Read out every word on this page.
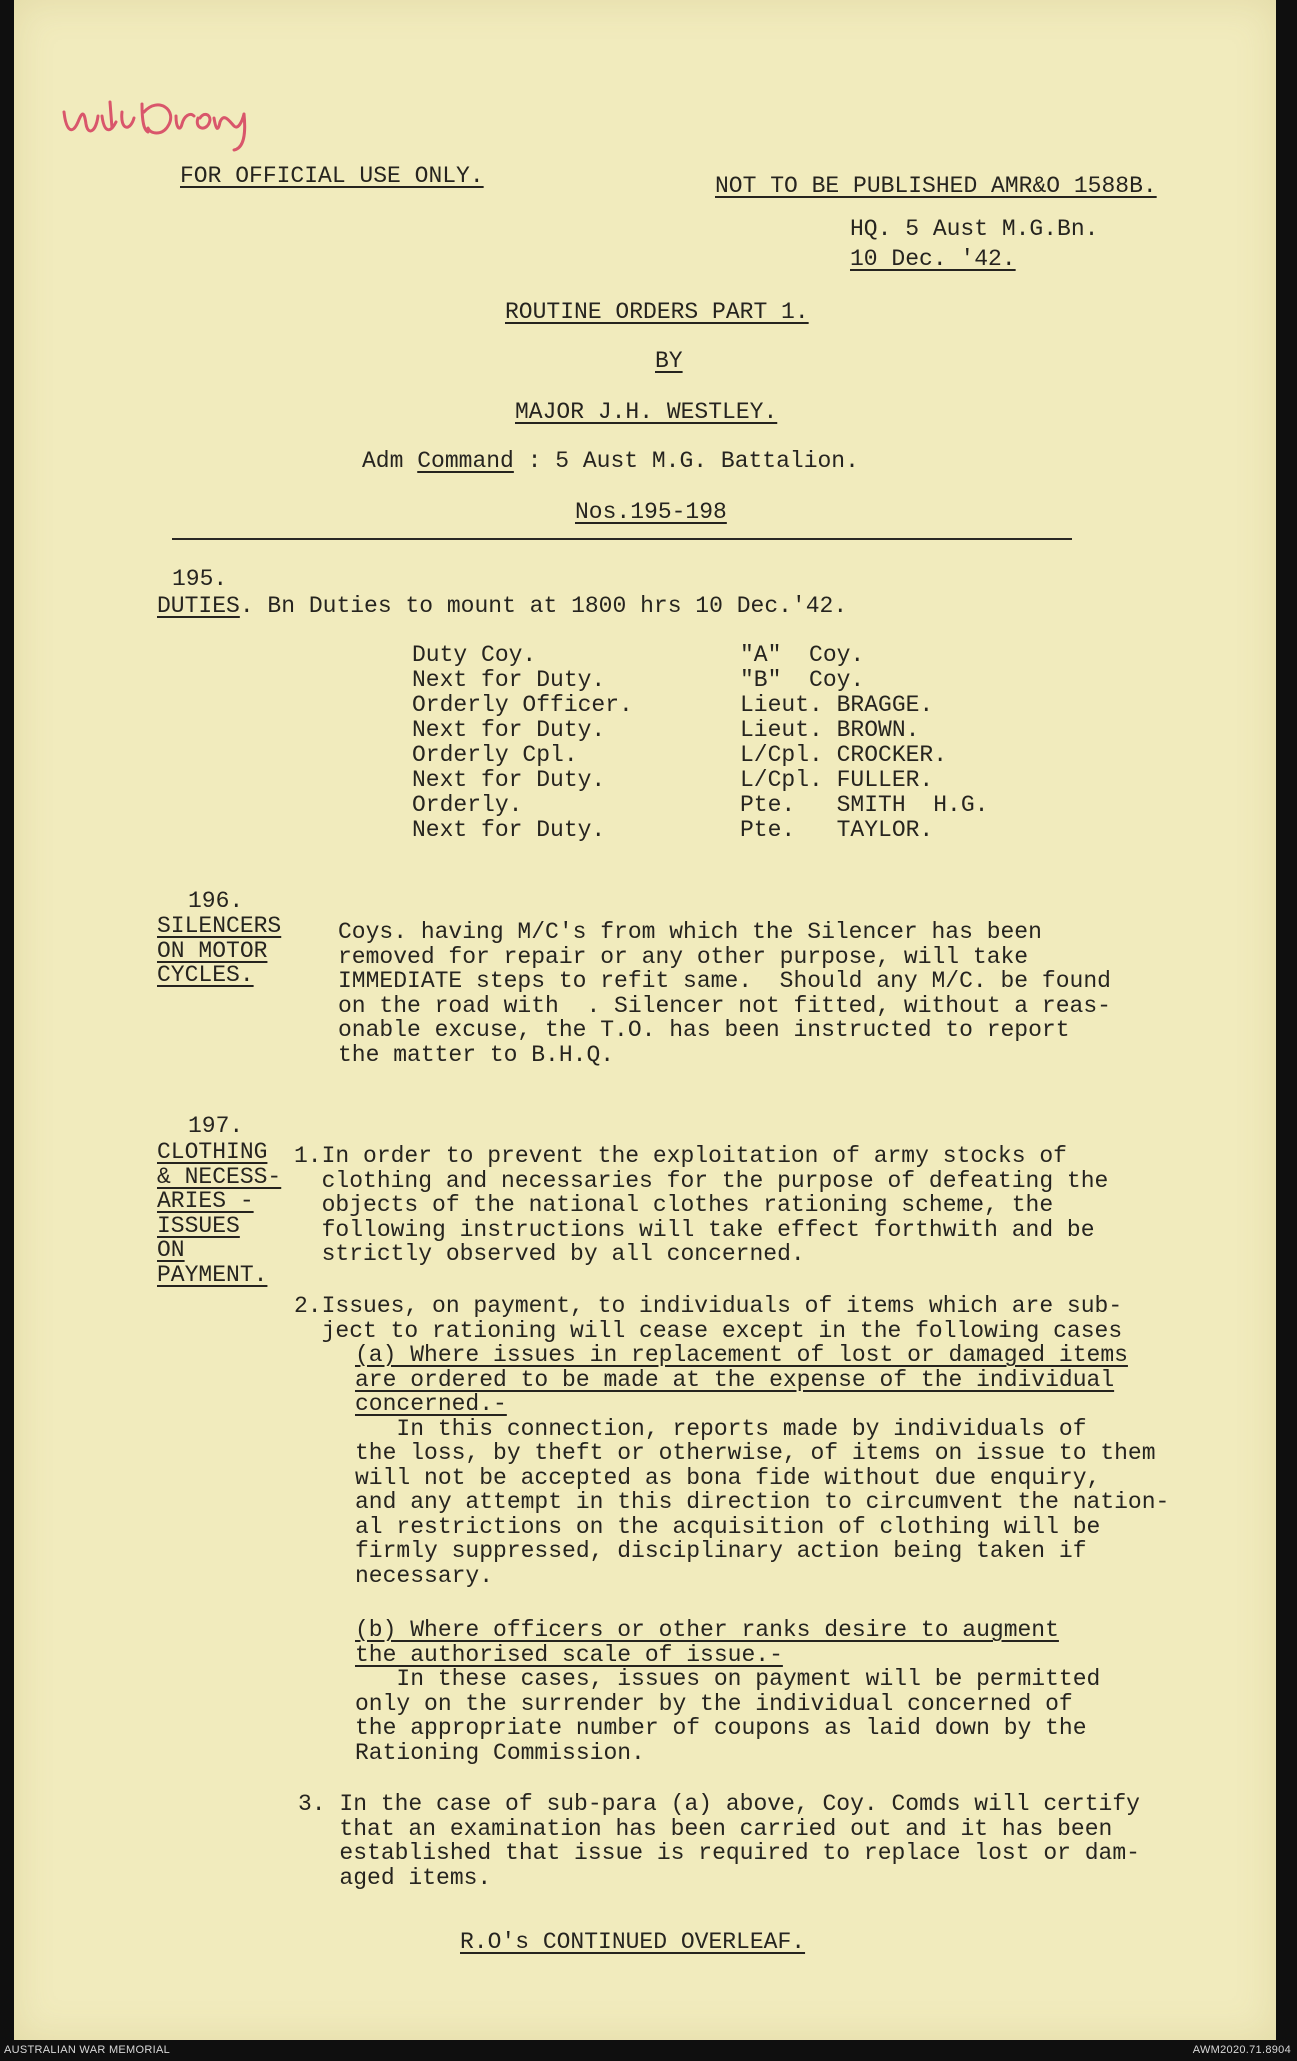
FOR OFFICIAL USE ONLY.	NOT TO BE PUBLISHED AMR&O 1588B.
HQ. 5 Aust M.G.Bn.
10 Dec. '42.
ROUTINE ORDERS PART 1.
BY
MAJOR J.H. WESTLEY.
Adm Command : 5 Aust M.G. Battalion.
Nos.195-198
195.
DUTIES. Bn Duties to mount at 1800 hrs 10 Dec.'42.
Duty Coy.	"A"  Coy.
Next for Duty.	"B"  Coy.
Orderly Officer.	Lieut. BRAGGE.
Next for Duty.	Lieut. BROWN.
Orderly Cpl.	L/Cpl. CROCKER.
Next for Duty.	L/Cpl. FULLER.
Orderly.	Pte.   SMITH  H.G.
Next for Duty.	Pte.   TAYLOR.
196.
SILENCERS
ON MOTOR
CYCLES.
Coys. having M/C's from which the Silencer has been
removed for repair or any other purpose, will take
IMMEDIATE steps to refit same.  Should any M/C. be found
on the road with  . Silencer not fitted, without a reas-
onable excuse, the T.O. has been instructed to report
the matter to B.H.Q.
197.
CLOTHING
& NECESS-
ARIES -
ISSUES
ON
PAYMENT.
1.In order to prevent the exploitation of army stocks of
clothing and necessaries for the purpose of defeating the
objects of the national clothes rationing scheme, the
following instructions will take effect forthwith and be
strictly observed by all concerned.
2.Issues, on payment, to individuals of items which are sub-
ject to rationing will cease except in the following cases
(a) Where issues in replacement of lost or damaged items
are ordered to be made at the expense of the individual
concerned.-
In this connection, reports made by individuals of
the loss, by theft or otherwise, of items on issue to them
will not be accepted as bona fide without due enquiry,
and any attempt in this direction to circumvent the nation-
al restrictions on the acquisition of clothing will be
firmly suppressed, disciplinary action being taken if
necessary.
(b) Where officers or other ranks desire to augment
the authorised scale of issue.-
In these cases, issues on payment will be permitted
only on the surrender by the individual concerned of
the appropriate number of coupons as laid down by the
Rationing Commission.
3. In the case of sub-para (a) above, Coy. Comds will certify
that an examination has been carried out and it has been
established that issue is required to replace lost or dam-
aged items.
R.O's CONTINUED OVERLEAF.
AUSTRALIAN WAR MEMORIAL	AWM2020.71.8904
